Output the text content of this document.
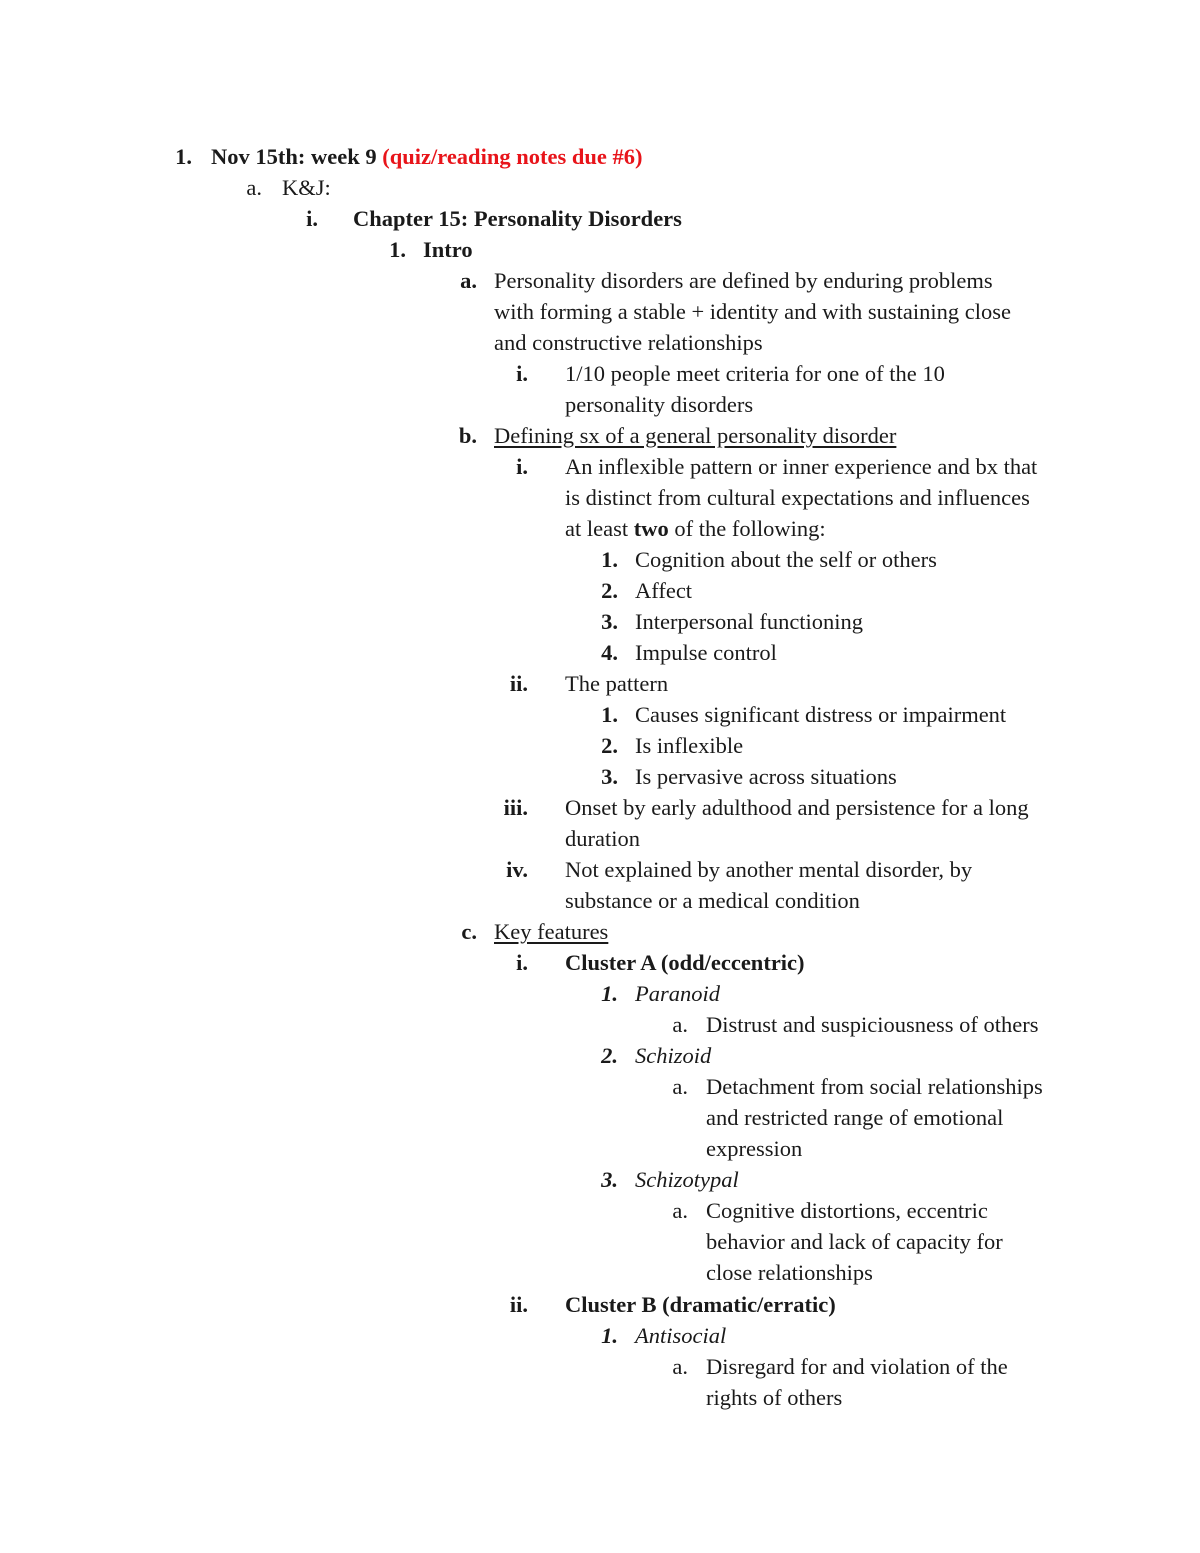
1. Nov 15th: week 9 (quiz/reading notes due #6)
a. K&J:
i. Chapter 15: Personality Disorders
1. Intro
a. Personality disorders are defined by enduring problems
with forming a stable + identity and with sustaining close
and constructive relationships
i. 1/10 people meet criteria for one of the 10
personality disorders
b. Defining sx of a general personality disorder
i. An inflexible pattern or inner experience and bx that
is distinct from cultural expectations and influences
at least two of the following:
1. Cognition about the self or others
2. Affect
3. Interpersonal functioning
4. Impulse control
ii. The pattern
1. Causes significant distress or impairment
2. Is inflexible
3. Is pervasive across situations
iii. Onset by early adulthood and persistence for a long
duration
iv. Not explained by another mental disorder, by
substance or a medical condition
c. Key features
i. Cluster A (odd/eccentric)
1. Paranoid
a. Distrust and suspiciousness of others
2. Schizoid
a. Detachment from social relationships
and restricted range of emotional
expression
3. Schizotypal
a. Cognitive distortions, eccentric
behavior and lack of capacity for
close relationships
ii. Cluster B (dramatic/erratic)
1. Antisocial
a. Disregard for and violation of the
rights of others
